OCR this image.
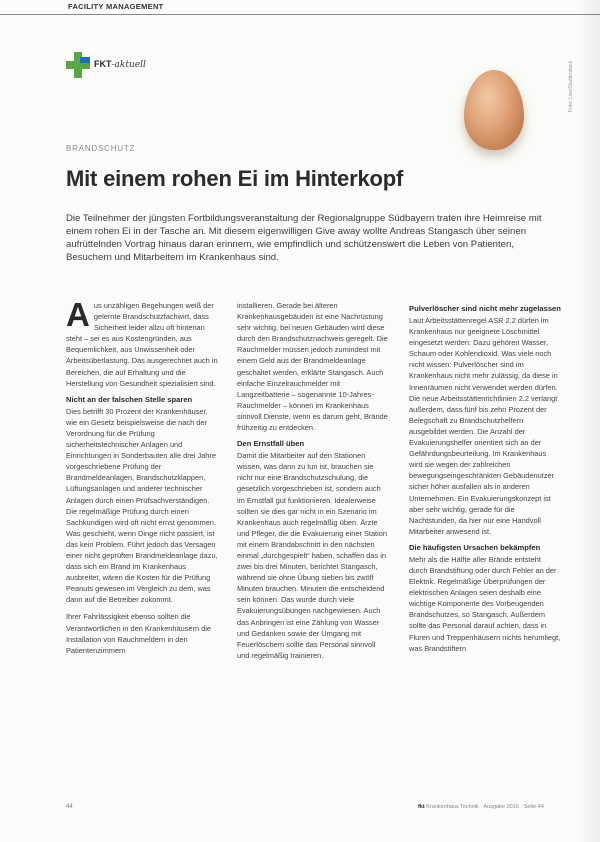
FACILITY MANAGEMENT
FKT-aktuell	Foto: Lisa/Shutterstock
BRANDSCHUTZ
Mit einem rohen Ei im Hinterkopf
Die Teilnehmer der jüngsten Fortbildungsveranstaltung der Regionalgruppe Südbayern traten ihre Heimreise mit einem rohen Ei in der Tasche an. Mit diesem eigenwilligen Give away wollte Andreas Stangasch über seinen aufrüttelnden Vortrag hinaus daran erinnern, wie empfindlich und schützenswert die Leben von Patienten, Besuchern und Mitarbeitern im Krankenhaus sind.

Aus unzähligen Begehungen weiß der gelernte Brandschutzfachwirt, dass Sicherheit leider allzu oft hintenan steht – sei es aus Kostengründen, aus Bequemlichkeit, aus Unwissenheit oder Arbeitsüberlastung. Das ausgerechnet auch in Bereichen, die auf Erhaltung und die Herstellung von Gesundheit spezialisiert sind.

Nicht an der falschen Stelle sparen

Dies betrifft 30 Prozent der Krankenhäuser, wie ein Gesetz beispielsweise die nach der Verordnung für die Prüfung sicherheitstechnischer Anlagen und Einrichtungen in Sonderbauten alle drei Jahre vorgeschriebene Prüfung der Brandmeldeanlagen, Brandschutzklappen, Lüftungsanlagen und anderer technischer Anlagen durch einen Prüfsachverständigen. Die regelmäßige Prüfung durch einen Sachkundigen wird oft nicht ernst genommen. Was geschieht, wenn Dinge nicht passiert, ist das kein Problem. Führt jedoch das Versagen einer nicht geprüften Brandmeldeanlage dazu, dass sich ein Brand im Krankenhaus ausbreitet, wären die Kosten für die Prüfung Peanuts gewesen im Vergleich zu dem, was dann auf die Betreiber zukommt.

Ihrer Fahrlässigkeit ebenso sollten die Verantwortlichen in den Krankenhäusern die Installation von Rauchmeldern in den Patientenzimmern

installieren. Gerade bei älteren Krankenhausgebäuden ist eine Nachrüstung sehr wichtig, bei neuen Gebäuden wird diese durch den Brandschutznachweis geregelt. Die Rauchmelder müssen jedoch zumindest mit einem Geld aus der Brandmeldeanlage geschaltet werden, erklärte Stangasch. Auch einfache Einzelrauchmelder mit Langzeitbatterie – sogenannte 10-Jahres-Rauchmelder – können im Krankenhaus sinnvoll Dienste, wenn es darum geht, Brände frühzeitig zu entdecken.

Den Ernstfall üben

Damit die Mitarbeiter auf den Stationen wissen, was dann zu tun ist, brauchen sie nicht nur eine Brandschutzschulung, die gesetzlich vorgeschrieben ist, sondern auch im Ernstfall gut funktionieren. Idealerweise sollten sie dies gar nicht in ein Szenario im Krankenhaus auch regelmäßig üben. Ärzte und Pfleger, die die Evakuierung einer Station mit einem Brandabschnitt in den nächsten einmal „durchgespielt“ haben, schaffen das in zwei bis drei Minuten, berichtet Stangasch, während sie ohne Übung sieben bis zwölf Minuten brauchen. Minuten die entscheidend sein können. Das wurde durch viele Evakuierungsübungen nachgewiesen. Auch das Anbringen ist eine Zählung von Wasser und Gedanken sowie der Umgang mit Feuerlöschern sollte das Personal sinnvoll und regelmäßig trainieren.

Pulverlöscher sind nicht mehr zugelassen

Laut Arbeitsstättenregel ASR 2.2 dürfen im Krankenhaus nur geeignete Löschmittel eingesetzt werden: Dazu gehören Wasser, Schaum oder Kohlendioxid. Was viele noch nicht wissen: Pulverlöscher sind im Krankenhaus nicht mehr zulässig, da diese in Innenräumen nicht verwendet werden dürfen. Die neue Arbeitsstättenrichtlinien 2.2 verlangt außerdem, dass fünf bis zehn Prozent der Belegschaft zu Brandschutzhelfern ausgebildet werden. Die Anzahl der Evakuierungshelfer orientiert sich an der Gefährdungsbeurteilung. Im Krankenhaus wird sie wegen der zahlreichen bewegungseingeschränkten Gebäudenutzer sicher höher ausfallen als in anderen Unternehmen. Ein Evakuierungskonzept ist aber sehr wichtig, gerade für die Nachtstunden, da hier nur eine Handvoll Mitarbeiter anwesend ist.

Die häufigsten Ursachen bekämpfen

Mehr als die Hälfte aller Brände entsteht durch Brandstiftung oder durch Fehler an der Elektrik. Regelmäßige Überprüfungen der elektrischen Anlagen seien deshalb eine wichtige Komponente des Vorbeugenden Brandschutzes, so Stangasch. Außerdem sollte das Personal darauf achten, dass in Fluren und Treppenhäusern nichts herumliegt, was Brandstiftern

44	fkt Krankenhaus Technik · Ausgabe 2016 · Seite 44
